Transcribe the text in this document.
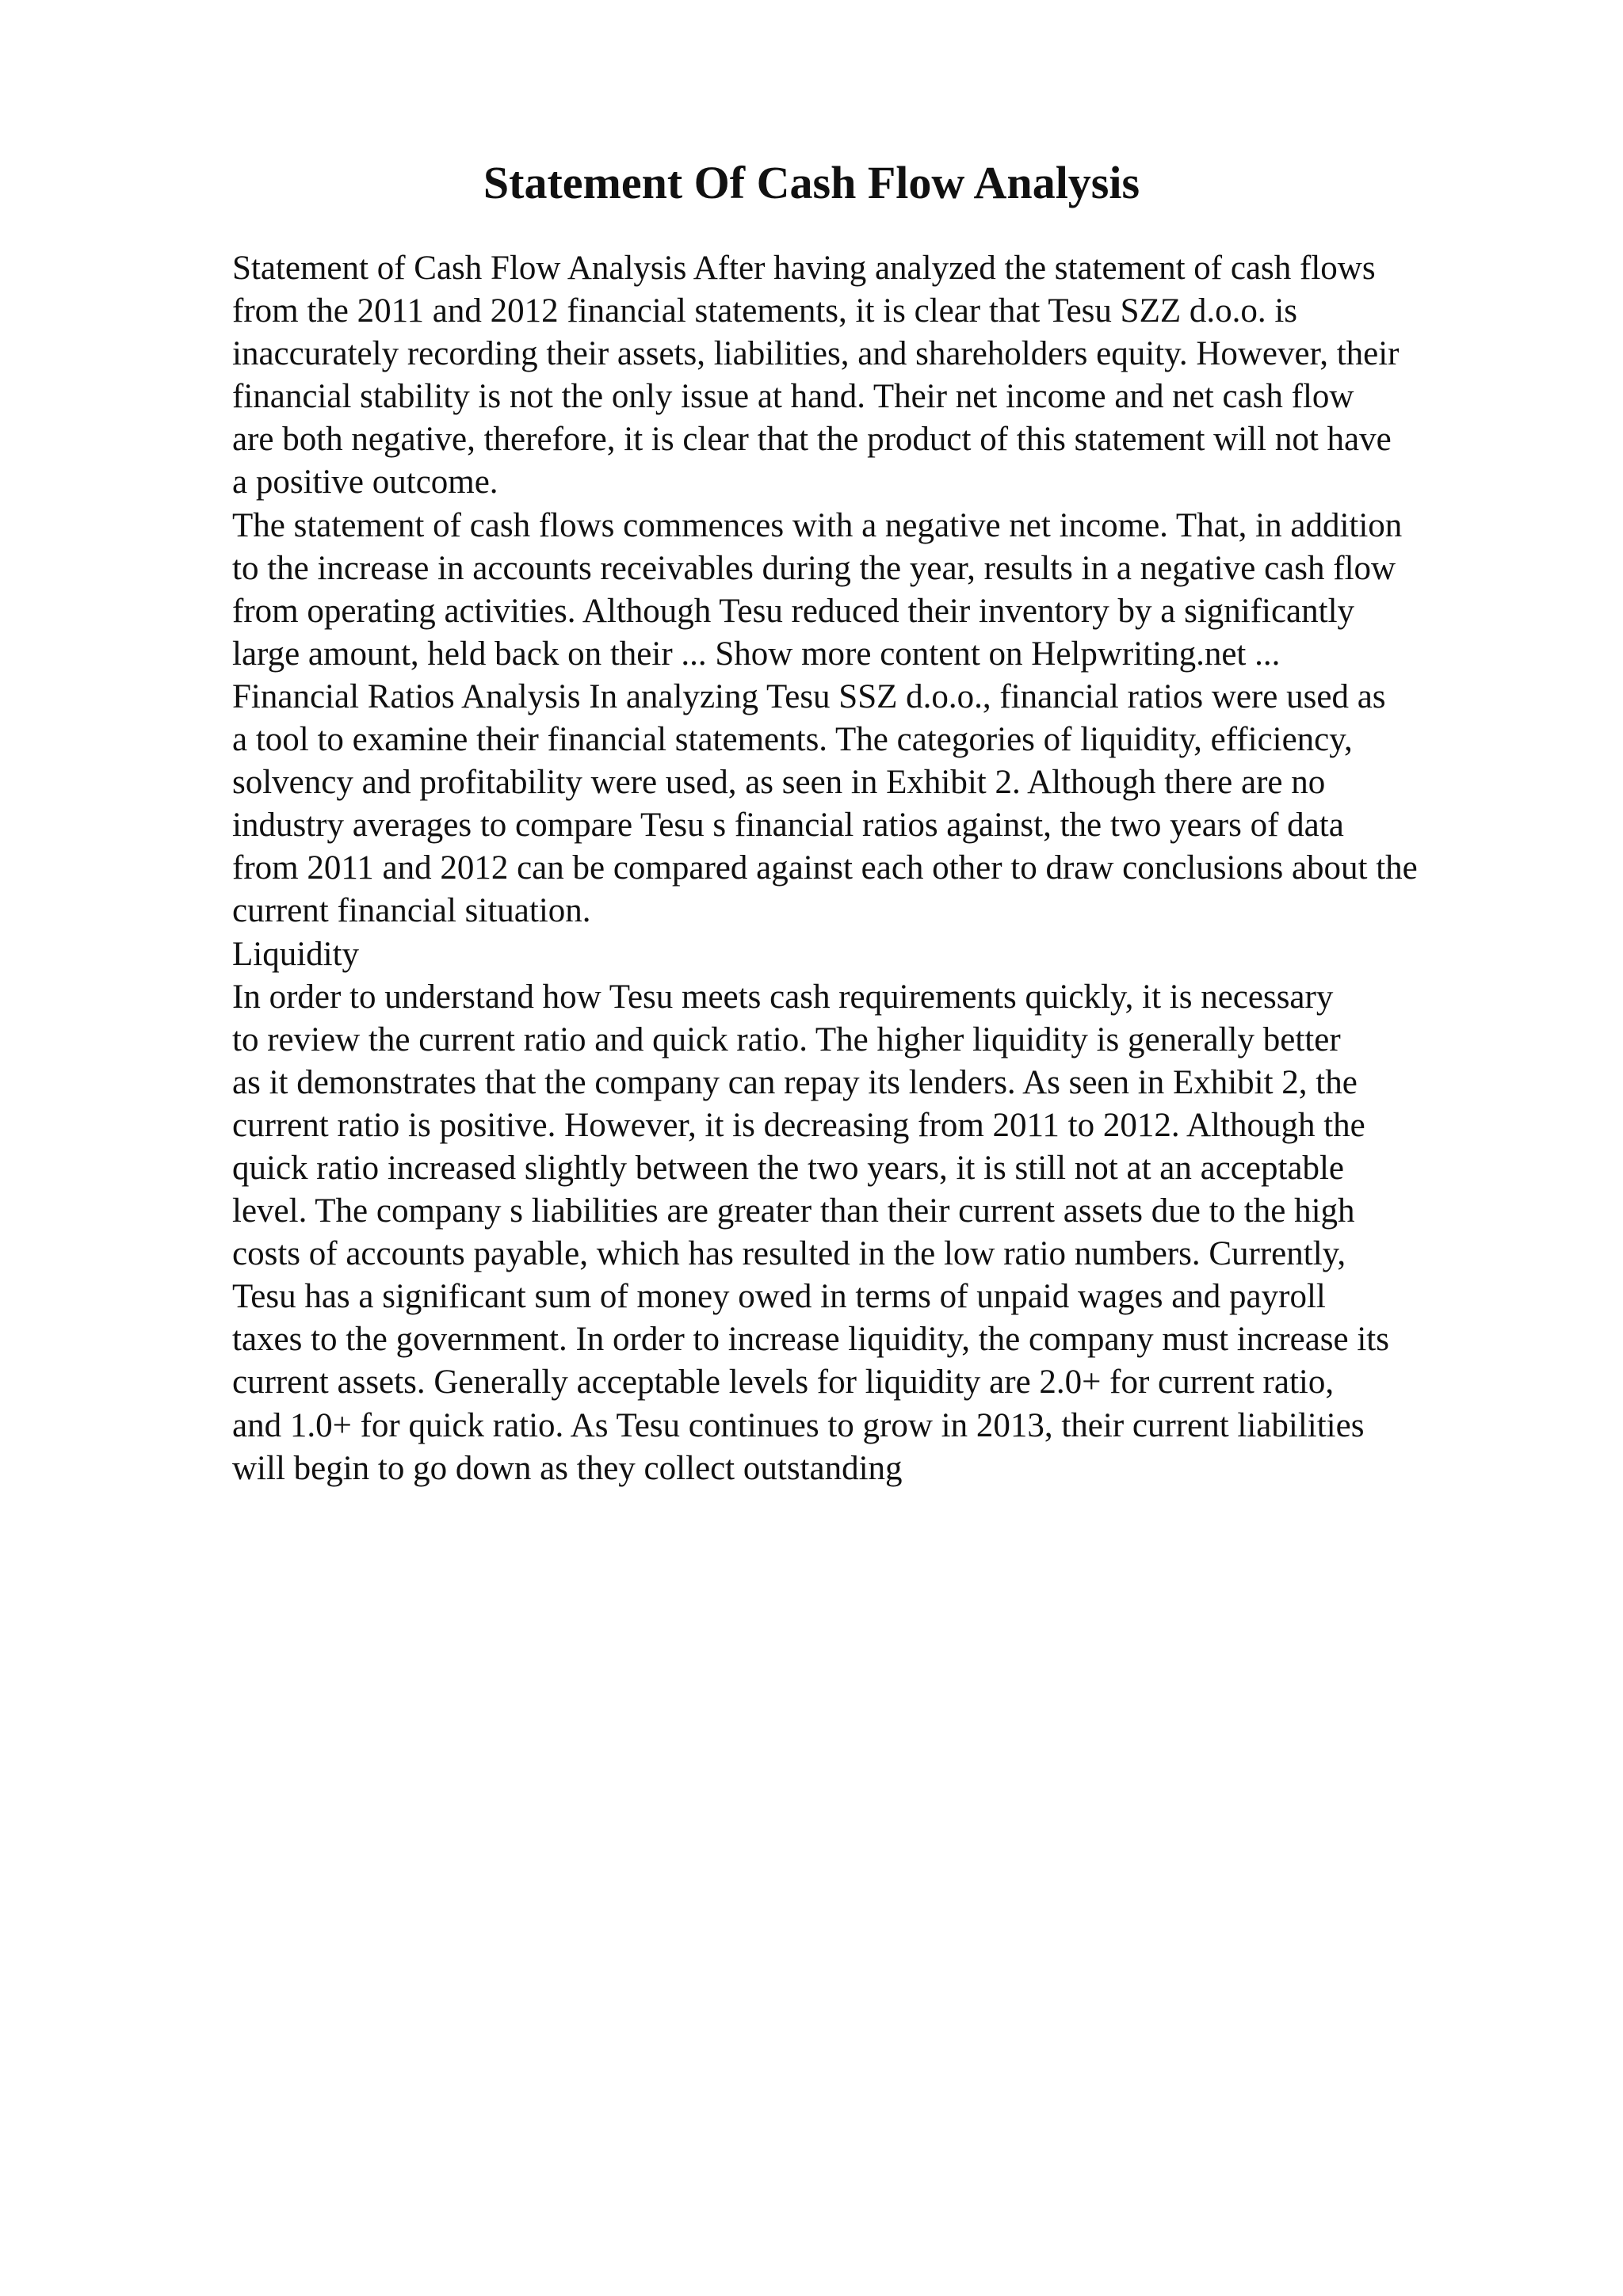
Statement Of Cash Flow Analysis
Statement of Cash Flow Analysis After having analyzed the statement of cash flows
from the 2011 and 2012 financial statements, it is clear that Tesu SZZ d.o.o. is
inaccurately recording their assets, liabilities, and shareholders equity. However, their
financial stability is not the only issue at hand. Their net income and net cash flow
are both negative, therefore, it is clear that the product of this statement will not have
a positive outcome.
The statement of cash flows commences with a negative net income. That, in addition
to the increase in accounts receivables during the year, results in a negative cash flow
from operating activities. Although Tesu reduced their inventory by a significantly
large amount, held back on their ... Show more content on Helpwriting.net ...
Financial Ratios Analysis In analyzing Tesu SSZ d.o.o., financial ratios were used as
a tool to examine their financial statements. The categories of liquidity, efficiency,
solvency and profitability were used, as seen in Exhibit 2. Although there are no
industry averages to compare Tesu s financial ratios against, the two years of data
from 2011 and 2012 can be compared against each other to draw conclusions about the
current financial situation.
Liquidity
In order to understand how Tesu meets cash requirements quickly, it is necessary
to review the current ratio and quick ratio. The higher liquidity is generally better
as it demonstrates that the company can repay its lenders. As seen in Exhibit 2, the
current ratio is positive. However, it is decreasing from 2011 to 2012. Although the
quick ratio increased slightly between the two years, it is still not at an acceptable
level. The company s liabilities are greater than their current assets due to the high
costs of accounts payable, which has resulted in the low ratio numbers. Currently,
Tesu has a significant sum of money owed in terms of unpaid wages and payroll
taxes to the government. In order to increase liquidity, the company must increase its
current assets. Generally acceptable levels for liquidity are 2.0+ for current ratio,
and 1.0+ for quick ratio. As Tesu continues to grow in 2013, their current liabilities
will begin to go down as they collect outstanding
